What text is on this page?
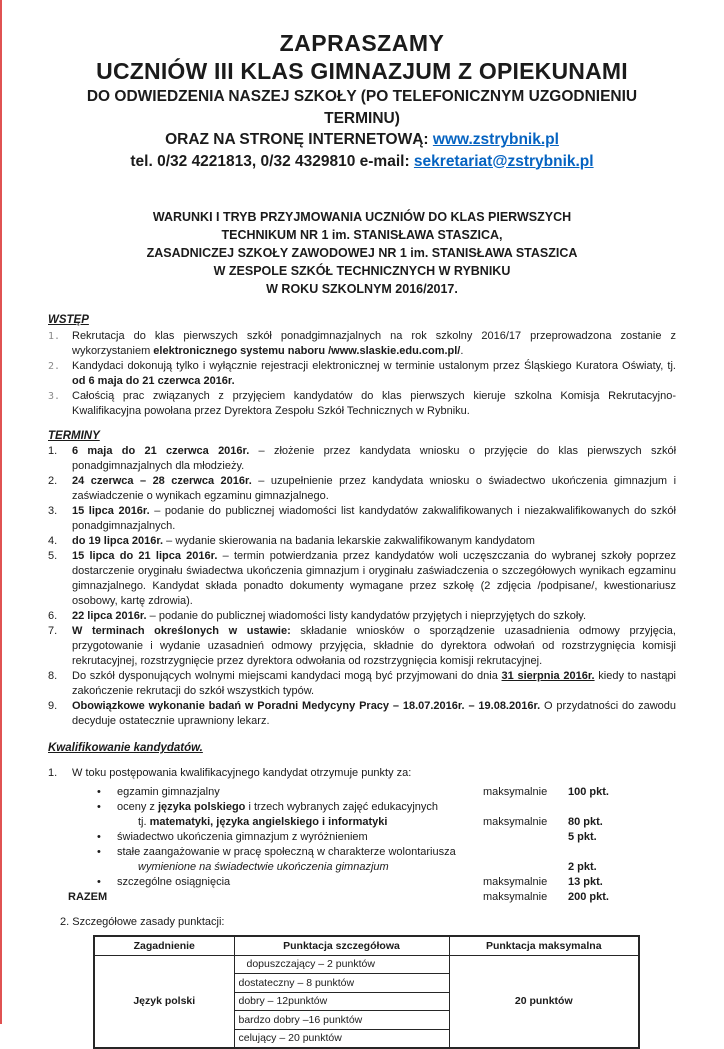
ZAPRASZAMY
UCZNIÓW III KLAS GIMNAZJUM Z OPIEKUNAMI
DO ODWIEDZENIA NASZEJ SZKOŁY (PO TELEFONICZNYM UZGODNIENIU TERMINU)
ORAZ NA STRONĘ INTERNETOWĄ: www.zstrybnik.pl
tel. 0/32 4221813, 0/32 4329810 e-mail: sekretariat@zstrybnik.pl
WARUNKI I TRYB PRZYJMOWANIA UCZNIÓW DO KLAS PIERWSZYCH
TECHNIKUM NR 1 im. STANISŁAWA STASZICA,
ZASADNICZEJ SZKOŁY ZAWODOWEJ NR 1 im. STANISŁAWA STASZICA
W ZESPOLE SZKÓŁ TECHNICZNYCH W RYBNIKU
W ROKU SZKOLNYM 2016/2017.
WSTĘP
1.	Rekrutacja do klas pierwszych szkół ponadgimnazjalnych na rok szkolny 2016/17 przeprowadzona zostanie z wykorzystaniem elektronicznego systemu naboru /www.slaskie.edu.com.pl/.
2.	Kandydaci dokonują tylko i wyłącznie rejestracji elektronicznej w terminie ustalonym przez Śląskiego Kuratora Oświaty, tj. od 6 maja do 21 czerwca 2016r.
3.	Całością prac związanych z przyjęciem kandydatów do klas pierwszych kieruje szkolna Komisja Rekrutacyjno-Kwalifikacyjna powołana przez Dyrektora Zespołu Szkół Technicznych w Rybniku.
TERMINY
1.	6 maja do 21 czerwca 2016r. – złożenie przez kandydata wniosku o przyjęcie do klas pierwszych szkół ponadgimnazjalnych dla młodzieży.
2.	24 czerwca – 28 czerwca 2016r. – uzupełnienie przez kandydata wniosku o świadectwo ukończenia gimnazjum i zaświadczenie o wynikach egzaminu gimnazjalnego.
3.	15 lipca 2016r. – podanie do publicznej wiadomości list kandydatów zakwalifikowanych i niezakwalifikowanych do szkół ponadgimnazjalnych.
4.	do 19 lipca 2016r. – wydanie skierowania na badania lekarskie zakwalifikowanym kandydatom
5.	15 lipca do 21 lipca 2016r. – termin potwierdzania przez kandydatów woli uczęszczania do wybranej szkoły poprzez dostarczenie oryginału świadectwa ukończenia gimnazjum i oryginału zaświadczenia o szczegółowych wynikach egzaminu gimnazjalnego. Kandydat składa ponadto dokumenty wymagane przez szkołę (2 zdjęcia /podpisane/, kwestionariusz osobowy, kartę zdrowia).
6.	22 lipca 2016r. – podanie do publicznej wiadomości listy kandydatów przyjętych i nieprzyjętych do szkoły.
7.	W terminach określonych w ustawie: składanie wniosków o sporządzenie uzasadnienia odmowy przyjęcia, przygotowanie i wydanie uzasadnień odmowy przyjęcia, składnie do dyrektora odwołań od rozstrzygnięcia komisji rekrutacyjnej, rozstrzygnięcie przez dyrektora odwołania od rozstrzygnięcia komisji rekrutacyjnej.
8.	Do szkół dysponujących wolnymi miejscami kandydaci mogą być przyjmowani do dnia 31 sierpnia 2016r. kiedy to nastąpi zakończenie rekrutacji do szkół wszystkich typów.
9.	Obowiązkowe wykonanie badań w Poradni Medycyny Pracy – 18.07.2016r. – 19.08.2016r. O przydatności do zawodu decyduje ostatecznie uprawniony lekarz.
Kwalifikowanie kandydatów.
1.	W toku postępowania kwalifikacyjnego kandydat otrzymuje punkty za:
• egzamin gimnazjalny	maksymalnie 100 pkt.
• oceny z języka polskiego i trzech wybranych zajęć edukacyjnych
tj. matematyki, języka angielskiego i informatyki	maksymalnie 80 pkt.
• świadectwo ukończenia gimnazjum z wyróżnieniem	5 pkt.
• stałe zaangażowanie w pracę społeczną w charakterze wolontariusza
wymienione na świadectwie ukończenia gimnazjum	2 pkt.
• szczególne osiągnięcia	maksymalnie 13 pkt.
RAZEM	maksymalnie 200 pkt.
2. Szczegółowe zasady punktacji:
Zagadnienie	Punktacja szczegółowa	Punktacja maksymalna
Język polski	dopuszczający – 2 punktów	20 punktów
	dostateczny – 8 punktów	
	dobry – 12punktów	
	bardzo dobry –16 punktów	
	celujący – 20 punktów	
